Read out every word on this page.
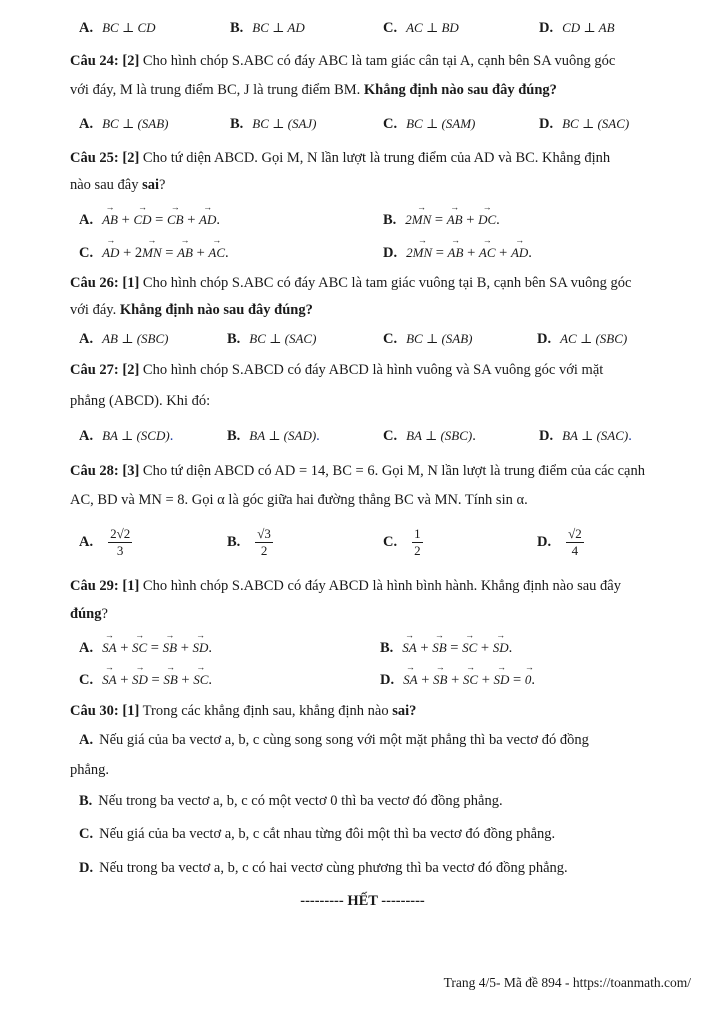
A. BC ⊥ CD	B. BC ⊥ AD	C. AC ⊥ BD	D. CD ⊥ AB
Câu 24: [2] Cho hình chóp S.ABC có đáy ABC là tam giác cân tại A, cạnh bên SA vuông góc
với đáy, M là trung điểm BC, J là trung điểm BM. Khẳng định nào sau đây đúng?
A. BC ⊥ (SAB)	B. BC ⊥ (SAJ)	C. BC ⊥ (SAM)	D. BC ⊥ (SAC)
Câu 25: [2] Cho tứ diện ABCD. Gọi M, N lần lượt là trung điểm của AD và BC. Khẳng định
nào sau đây sai?
A. → AB + → CD = → CB + → AD.	B. 2→ MN = → AB + → DC.
C. → AD + 2→ MN = → AB + → AC.	D. 2→ MN = → AB + → AC + → AD.
Câu 26: [1] Cho hình chóp S.ABC có đáy ABC là tam giác vuông tại B, cạnh bên SA vuông góc
với đáy. Khẳng định nào sau đây đúng?
A. AB ⊥ (SBC)	B. BC ⊥ (SAC)	C. BC ⊥ (SAB)	D. AC ⊥ (SBC)
Câu 27: [2] Cho hình chóp S.ABCD có đáy ABCD là hình vuông và SA vuông góc với mặt
phẳng (ABCD). Khi đó:
A. BA ⊥ (SCD).	B. BA ⊥ (SAD).	C. BA ⊥ (SBC).	D. BA ⊥ (SAC).
Câu 28: [3] Cho tứ diện ABCD có AD = 14, BC = 6. Gọi M, N lần lượt là trung điểm của các cạnh
AC, BD và MN = 8. Gọi α là góc giữa hai đường thẳng BC và MN. Tính sin α.
A. $\frac{2√2}{3}$	B. $\frac{√3}{2}$	C. $\frac{1}{2}$	D. $\frac{√2}{4}$
Câu 29: [1] Cho hình chóp S.ABCD có đáy ABCD là hình bình hành. Khẳng định nào sau đây
đúng?
A. → SA + → SC = → SB + → SD.	B. → SA + → SB = → SC + → SD.
C. → SA + → SD = → SB + → SC.	D. → SA + → SB + → SC + → SD = → 0.
Câu 30: [1] Trong các khẳng định sau, khẳng định nào sai?
A. Nếu giá của ba vectơ a, b, c cùng song song với một mặt phẳng thì ba vectơ đó đồng
phẳng.
B. Nếu trong ba vectơ a, b, c có một vectơ 0 thì ba vectơ đó đồng phẳng.
C. Nếu giá của ba vectơ a, b, c cắt nhau từng đôi một thì ba vectơ đó đồng phẳng.
D. Nếu trong ba vectơ a, b, c có hai vectơ cùng phương thì ba vectơ đó đồng phẳng.
--------- HẾT ---------
Trang 4/5- Mã đề 894 - https://toanmath.com/
